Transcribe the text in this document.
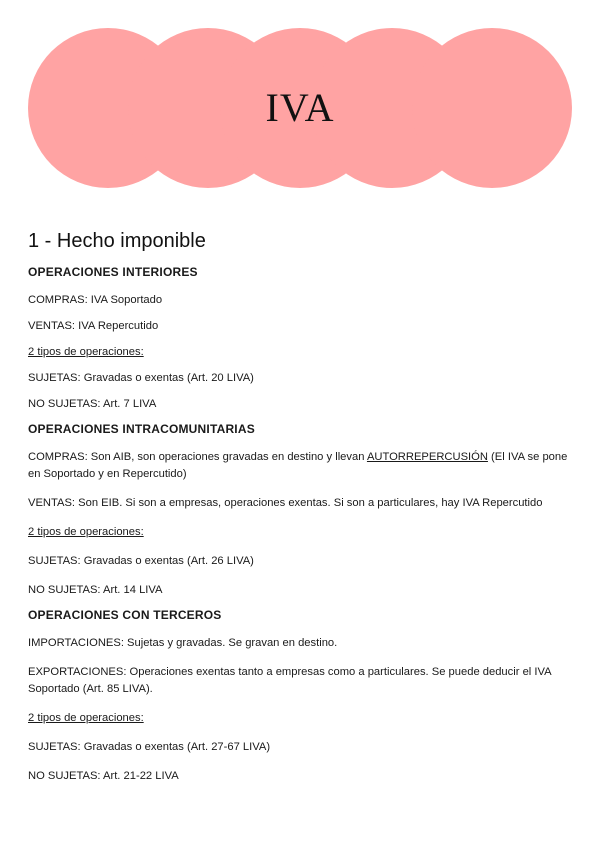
IVA
1 - Hecho imponible
OPERACIONES INTERIORES

COMPRAS: IVA Soportado

VENTAS: IVA Repercutido

2 tipos de operaciones:

SUJETAS: Gravadas o exentas (Art. 20 LIVA)

NO SUJETAS: Art. 7 LIVA

OPERACIONES INTRACOMUNITARIAS

COMPRAS: Son AIB, son operaciones gravadas en destino y llevan AUTORREPERCUSIÓN (El IVA se pone en Soportado y en Repercutido)

VENTAS: Son EIB. Si son a empresas, operaciones exentas. Si son a particulares, hay IVA Repercutido

2 tipos de operaciones:

SUJETAS: Gravadas o exentas (Art. 26 LIVA)

NO SUJETAS: Art. 14 LIVA

OPERACIONES CON TERCEROS

IMPORTACIONES: Sujetas y gravadas. Se gravan en destino.

EXPORTACIONES: Operaciones exentas tanto a empresas como a particulares. Se puede deducir el IVA Soportado (Art. 85 LIVA).

2 tipos de operaciones:

SUJETAS: Gravadas o exentas (Art. 27-67 LIVA)

NO SUJETAS: Art. 21-22 LIVA
